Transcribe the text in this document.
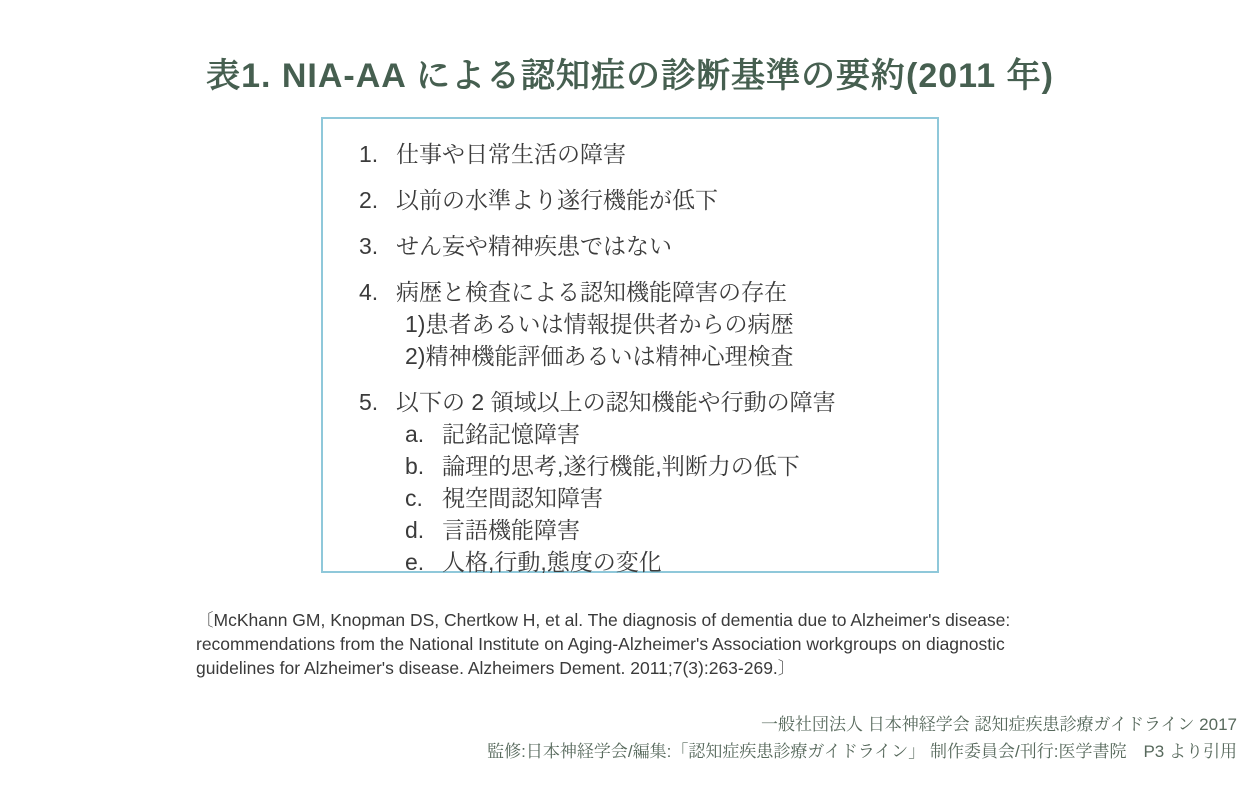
表1. NIA-AA による認知症の診断基準の要約(2011 年)
1. 仕事や日常生活の障害
2. 以前の水準より遂行機能が低下
3. せん妄や精神疾患ではない
4. 病歴と検査による認知機能障害の存在
1) 患者あるいは情報提供者からの病歴
2) 精神機能評価あるいは精神心理検査
5. 以下の 2 領域以上の認知機能や行動の障害
a. 記銘記憶障害
b. 論理的思考,遂行機能,判断力の低下
c. 視空間認知障害
d. 言語機能障害
e. 人格,行動,態度の変化

〔McKhann GM, Knopman DS, Chertkow H, et al. The diagnosis of dementia due to Alzheimer's disease:
recommendations from the National Institute on Aging-Alzheimer's Association workgroups on diagnostic
guidelines for Alzheimer's disease. Alzheimers Dement. 2011;7(3):263-269.〕

一般社団法人 日本神経学会 認知症疾患診療ガイドライン 2017
監修:日本神経学会/編集:「認知症疾患診療ガイドライン」 制作委員会/刊行:医学書院　P3 より引用
